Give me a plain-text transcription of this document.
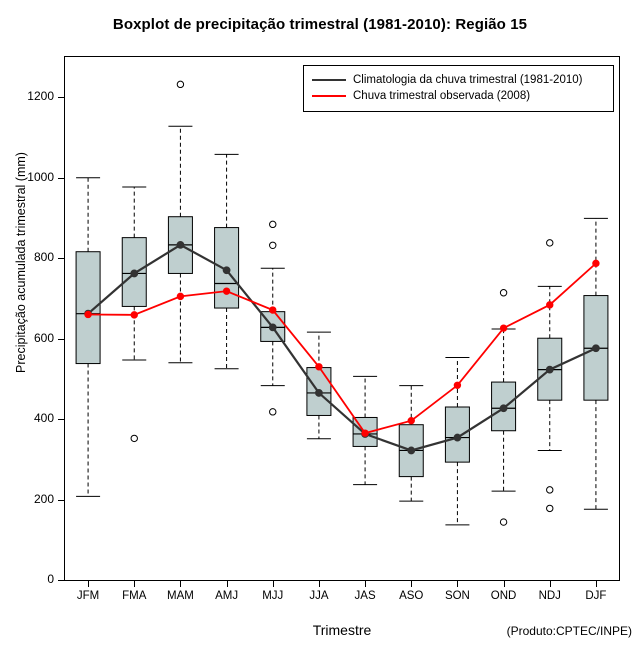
Boxplot de precipitação trimestral (1981-2010): Região 15
Precipitação acumulada trimestral (mm)
Trimestre	(Produto:CPTEC/INPE)
Climatologia da chuva trimestral (1981-2010)
Chuva trimestral observada (2008)
0
200
400
600
800
1000
1200
JFM	FMA	MAM	AMJ	MJJ	JJA	JAS	ASO	SON	OND	NDJ	DJF
